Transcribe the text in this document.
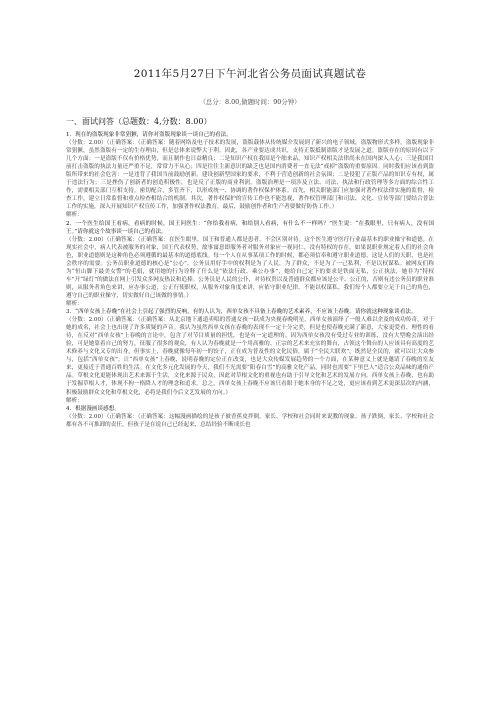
2011年5月27日下午河北省公务员面试真题试卷
（总分：8.00,做题时间：90分钟）
一、面试问答（总题数：4,分数：8.00）

1．现在的盗版现象非常猖獗，请你对盗版现象谈一谈自己的看法。

（分数：2.00）（正确答案：（正确答案：随着网络及电子技术的发展，盗版载体从传统媒介发展到了新兴的电子领域，盗版物形式多样。盗版现象非常猖獗，虽然盗版有一定的生存理由，但是总体来说弊大于利。因此，各产业要达成共识，支持正版抵制盗版才是发展之道。盗版存在的原因有以下几个方面：一是盗版不仅有价格优势，而且制作也日益精良；二是知识产权在我国是个舶来品，知识产权相关法律尚未在国内深入人心；三是我国目前打击盗版的执法力量还严重不足，常常力不从心；四是往往主新意识的缺乏也是国内消费者一直无法“戒掉”盗版的重要原因。同时我们应该看到盗版所带来的社会危害：一是违背了我国当前鼓励创新，建设创新型国家的要求，不利于营造创新的社会氛围；二是侵犯了正版产品的知识专有权，属于违法行为；三是挫伤了创新者的创造积极性，也是反了正版的商业利润。盗版治理是一项涉及立法、司法、执法和行政管理等多方面的综合性工作，需要相关部门互相支持，密切配合，多管齐下，以形成统一、协调的著作权保护体系。首先，相关职能部门应加强对著作权法律实施的监督，检查工作，建立日常监督和重点检查相结合的机制。其次，著作权保护的宣传工作也不能忽视，著作权管理部门和司法、文化、宣传等部门要结合普法工作的实施，深入开展知识产权宣传工作，加强著作权法教育，最后，鼓励创作者和生产者要做好防伪工作。）

解析：

2．一个医生给国王看病，看病的时候，国王问医生：“你给我看病，和给别人看病，有什么不一样吗？”医生说：“在我眼里，只有病人，没有国王。”请你就这个故事谈一谈自己的看法。

（分数：2.00）（正确答案：（正确答案：在医生眼里，国王和普通人都是患者，不会区别对待。这个医生遵守医疗行业最基本的职业操守和道德。在现实社会中，病人代表被服务的对象，国王代表权势，故事寓意即服务者对服务对象应一视同仁，没有特权的存在。如果说职业规定着人们的社会角色，职业道德则是这种角色必须遵循的最基本的道德底线。每一个人在从事某项工作的时候，都必须信奉和遵守职业道德，这是人们的天职，也是社会秩序的需要。公务员职业道德的核心是“公心”，公务员用好手中的权利是为了人民，为了群众，不是为了一己私利，不是以权谋私。被网友们称为“恒山脚下最美女警”的毛娟，就用她的行为诠释了什么是“依法行政、乘公办事”，她给自己定下的要求是铁面无私，公正执法，她非为“特权车”开“绿灯”的做法在网上引发众多网友热议和追捧。公务员是人民的公仆，对待权贵以及普通群众都应该是公平、公正的，否则有违公务员的职业准则，从服务者角色来讲，应办事公道，公正行使职权，从服务对象角度来讲，应依守职业纪律，不能以权谋私。我们每个人都要立足于自己的角色，遵守自己的职业操守，切实做好自己该做的事情。）

解析：

3．“西单女孩上春晚”在社会上引起了强烈的反响，有的人认为，西单女孩不具备上春晚的艺术素养，不应该上春晚。请你就这种现象谈看法。

（分数：2.00）（正确答案：（正确答案：从北京地下通道卖唱的普通女孩一跃成为央视春晚明星，西单女孩演绎了一般人难以企及的成功传奇，对于她的成名，社会上也出现了许多质疑的声音。我认为虽然西单女孩在春晚的表现不一定十分完美，但是也使春晚充满了新意，大家更爱看、理性的看待，在反对“西单女孩”上春晚的言论中，包含了对节目质量的担忧，也是有一定道理的。因为西单女孩没有受过专业的训练，没有大型晚会演出经验，可是她靠着自己的努力，征服了很多的观众，有人认为春晚就是一个用高雅的、正宗的艺术来充实的舞台，占领这个舞台的人应该具有高度的艺术修养与文化又专的出身。但事实上，春晚就像每年初一的饺子，正在成为普及性的文化民俗，属于“全民大联欢”，既然是全民的，就可以让大众参与，包括“西单女孩”。让“西单女孩”上春晚，说明春晚的定位正在改变，也是大众传媒发展趋势的一个方面，在某种意义上就是邀请了春晚的室友来，更接近于普通百姓的生活。在文化多元化发展的今天，我们不光需要“阳春白雪”的高雅文化产品，同时也需要“下里巴人”适合公众品味的通俗产品。草根文化更能体现出艺术来源于生活，文化来源于民众，因此对草根文化的重视也有助于引导文化和艺术的发展方向。西单女孩上春晚，也有助于发掘草根人才，体现不拘一格降人才的理念和追求。总之，西单女孩上春晚不应该只看眼于她本身的不足之处，更应该看到艺术更深层次的内涵，积极鼓励群众文化和草根文化，必将是我们今后文艺发展的方向。）

解析：

4．根据漫画谈感想。

（分数：2.00）（正确答案：（正确答案：这幅漫画描绘的是孩子被香蕉皮拌倒，家长、学校和社会同时来说教的现象。孩子跌倒，家长、学校和社会都有各不可推卸的责任，但孩子是在说自己已经起来，总结经验不断成长也
